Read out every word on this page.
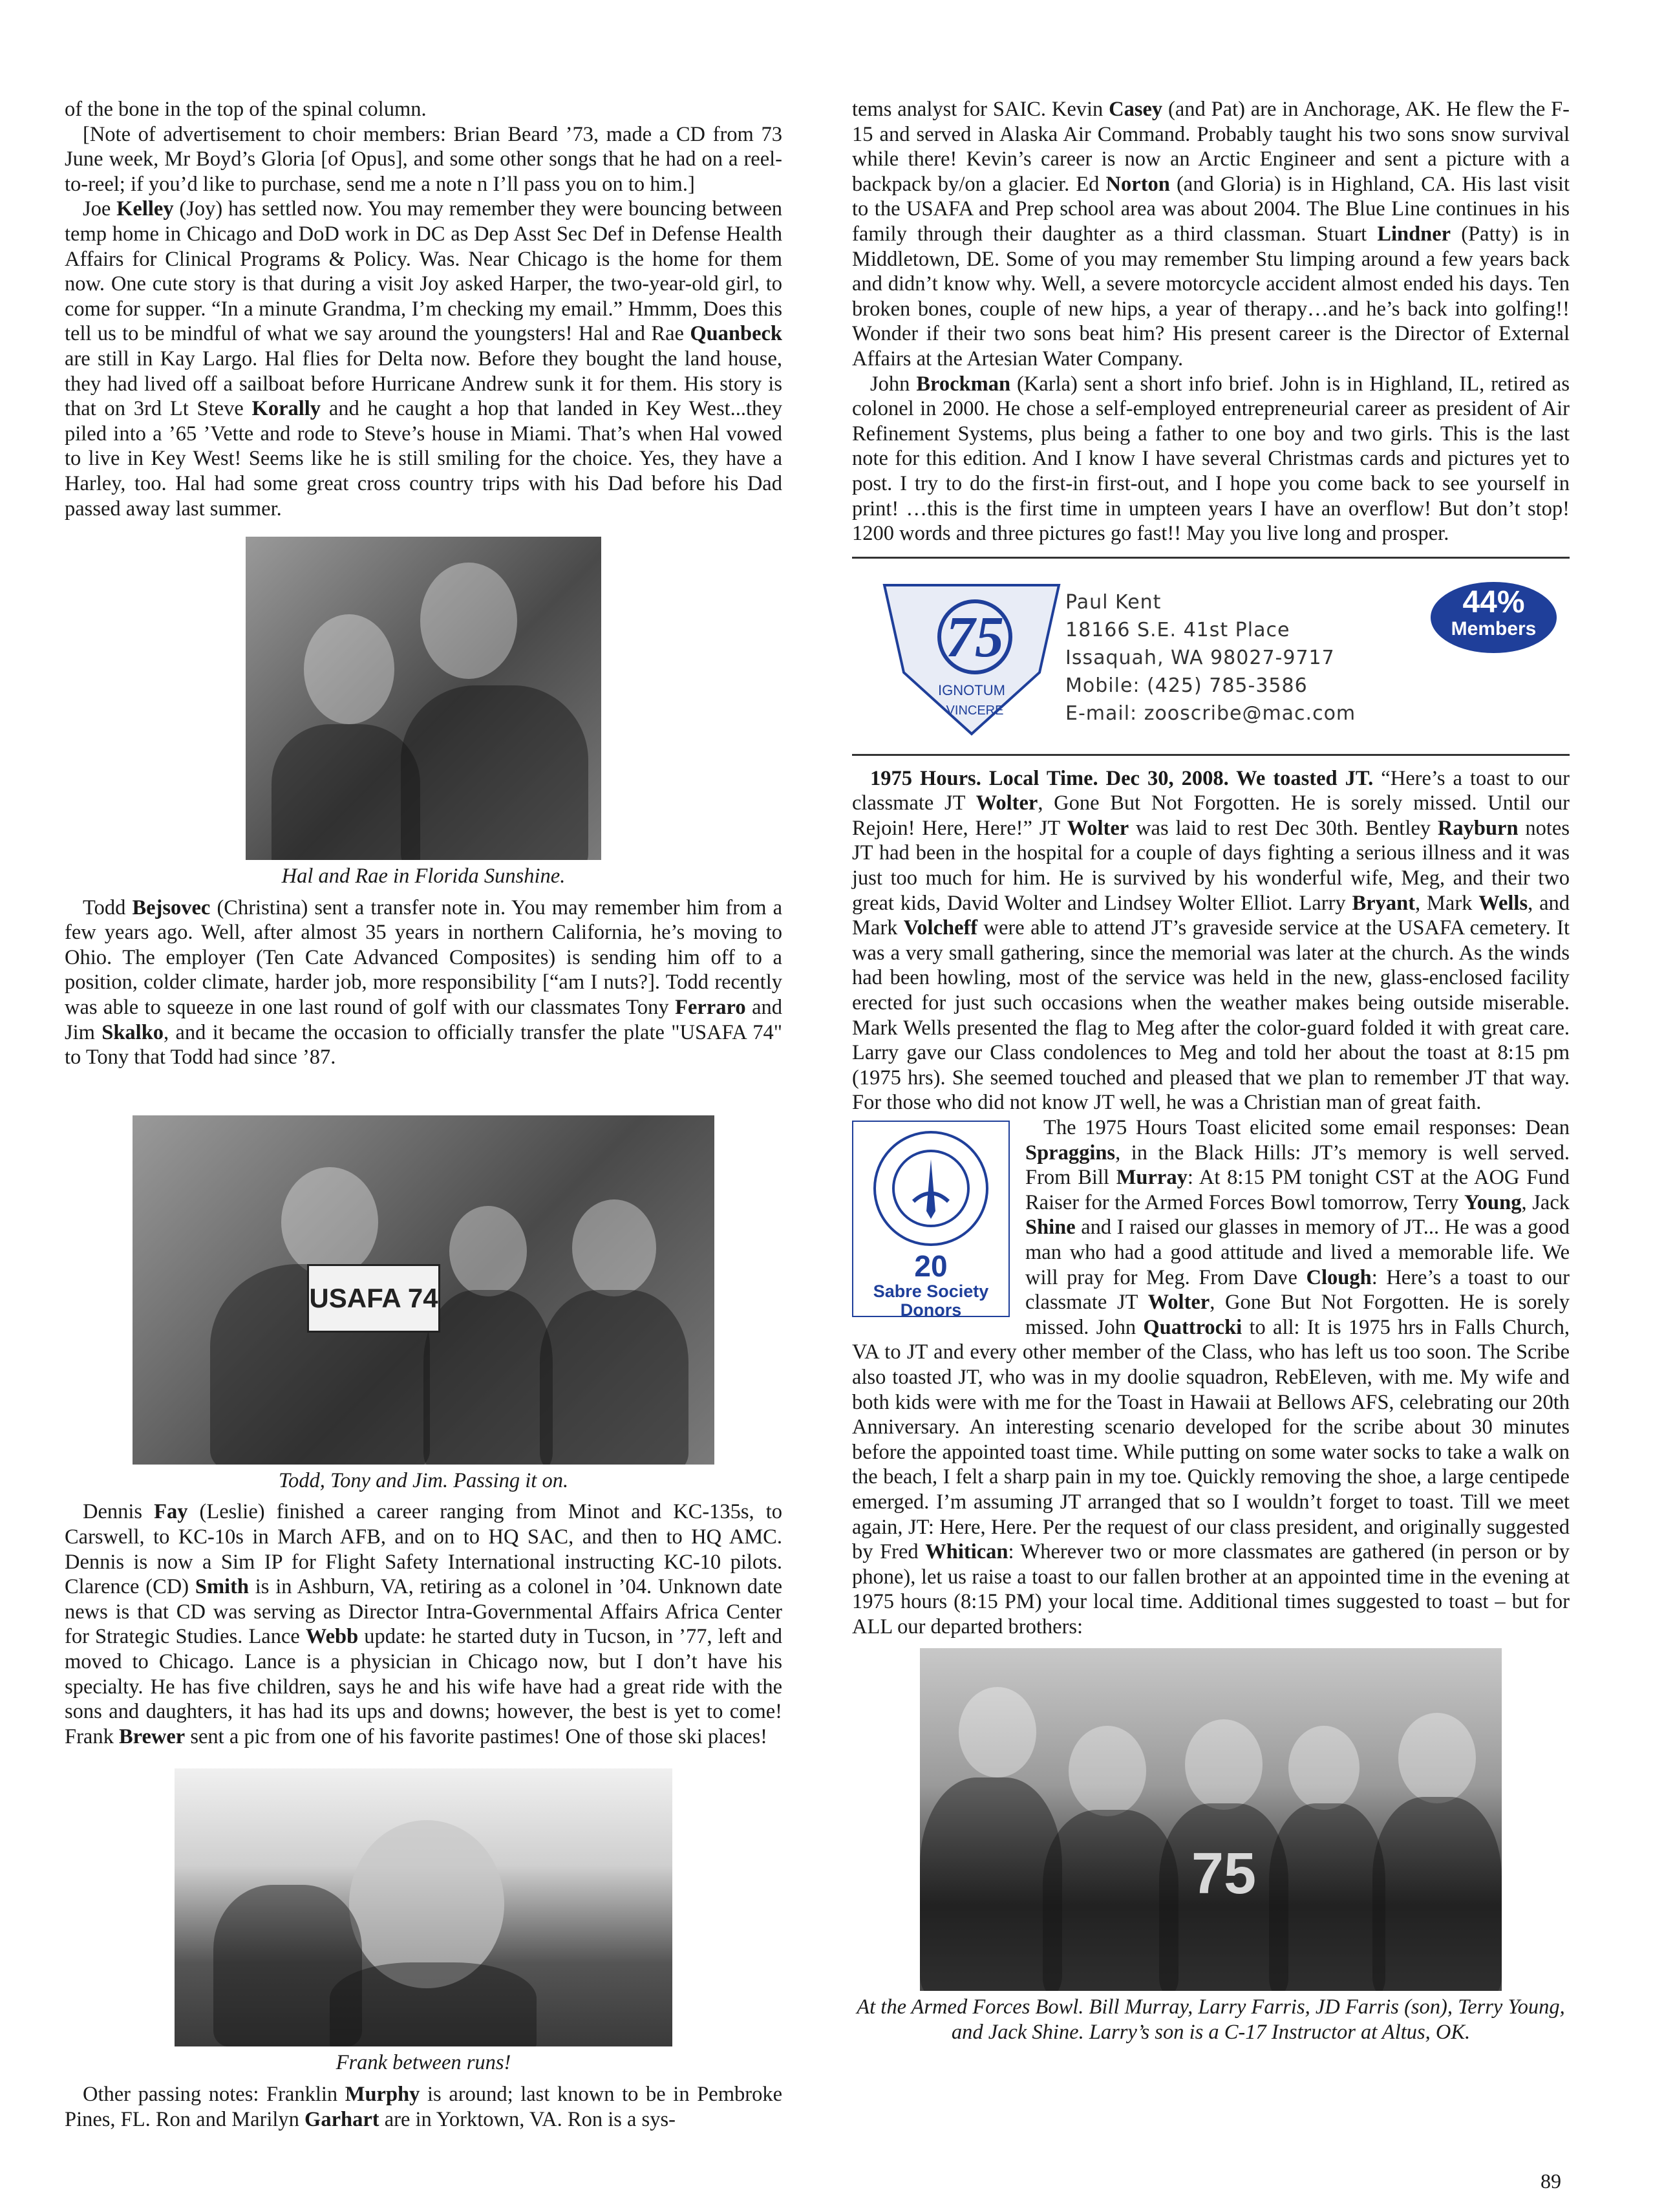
of the bone in the top of the spinal column.

[Note of advertisement to choir members: Brian Beard ’73, made a CD from 73 June week, Mr Boyd’s Gloria [of Opus], and some other songs that he had on a reel-to-reel; if you’d like to purchase, send me a note n I’ll pass you on to him.]

Joe Kelley (Joy) has settled now. You may remember they were bouncing between temp home in Chicago and DoD work in DC as Dep Asst Sec Def in Defense Health Affairs for Clinical Programs & Policy. Was. Near Chicago is the home for them now. One cute story is that during a visit Joy asked Harper, the two-year-old girl, to come for supper. “In a minute Grandma, I’m checking my email.” Hmmm, Does this tell us to be mindful of what we say around the youngsters! Hal and Rae Quanbeck are still in Kay Largo. Hal flies for Delta now. Before they bought the land house, they had lived off a sailboat before Hurricane Andrew sunk it for them. His story is that on 3rd Lt Steve Korally and he caught a hop that landed in Key West...they piled into a ’65 ’Vette and rode to Steve’s house in Miami. That’s when Hal vowed to live in Key West! Seems like he is still smiling for the choice. Yes, they have a Harley, too. Hal had some great cross country trips with his Dad before his Dad passed away last summer.

Hal and Rae in Florida Sunshine.

Todd Bejsovec (Christina) sent a transfer note in. You may remember him from a few years ago. Well, after almost 35 years in northern California, he’s moving to Ohio. The employer (Ten Cate Advanced Composites) is sending him off to a position, colder climate, harder job, more responsibility [“am I nuts?]. Todd recently was able to squeeze in one last round of golf with our classmates Tony Ferraro and Jim Skalko, and it became the occasion to officially transfer the plate "USAFA 74" to Tony that Todd had since ’87.

USAFA 74
Todd, Tony and Jim. Passing it on.

Dennis Fay (Leslie) finished a career ranging from Minot and KC-135s, to Carswell, to KC-10s in March AFB, and on to HQ SAC, and then to HQ AMC. Dennis is now a Sim IP for Flight Safety International instructing KC-10 pilots. Clarence (CD) Smith is in Ashburn, VA, retiring as a colonel in ’04. Unknown date news is that CD was serving as Director Intra-Governmental Affairs Africa Center for Strategic Studies. Lance Webb update: he started duty in Tucson, in ’77, left and moved to Chicago. Lance is a physician in Chicago now, but I don’t have his specialty. He has five children, says he and his wife have had a great ride with the sons and daughters, it has had its ups and downs; however, the best is yet to come! Frank Brewer sent a pic from one of his favorite pastimes! One of those ski places!

Frank between runs!

Other passing notes: Franklin Murphy is around; last known to be in Pembroke Pines, FL. Ron and Marilyn Garhart are in Yorktown, VA. Ron is a sys-

tems analyst for SAIC. Kevin Casey (and Pat) are in Anchorage, AK. He flew the F-15 and served in Alaska Air Command. Probably taught his two sons snow survival while there! Kevin’s career is now an Arctic Engineer and sent a picture with a backpack by/on a glacier. Ed Norton (and Gloria) is in Highland, CA. His last visit to the USAFA and Prep school area was about 2004. The Blue Line continues in his family through their daughter as a third classman. Stuart Lindner (Patty) is in Middletown, DE. Some of you may remember Stu limping around a few years back and didn’t know why. Well, a severe motorcycle accident almost ended his days. Ten broken bones, couple of new hips, a year of therapy…and he’s back into golfing!! Wonder if their two sons beat him? His present career is the Director of External Affairs at the Artesian Water Company.

John Brockman (Karla) sent a short info brief. John is in Highland, IL, retired as colonel in 2000. He chose a self-employed entrepreneurial career as president of Air Refinement Systems, plus being a father to one boy and two girls. This is the last note for this edition. And I know I have several Christmas cards and pictures yet to post. I try to do the first-in first-out, and I hope you come back to see yourself in print! …this is the first time in umpteen years I have an overflow! But don’t stop! 1200 words and three pictures go fast!! May you live long and prosper.

75
IGNOTUM
VINCERE
Paul Kent
18166 S.E. 41st Place
Issaquah, WA 98027-9717
Mobile: (425) 785-3586
E-mail: zooscribe@mac.com
44%
Members

1975 Hours. Local Time. Dec 30, 2008. We toasted JT. “Here’s a toast to our classmate JT Wolter, Gone But Not Forgotten. He is sorely missed. Until our Rejoin! Here, Here!” JT Wolter was laid to rest Dec 30th. Bentley Rayburn notes JT had been in the hospital for a couple of days fighting a serious illness and it was just too much for him. He is survived by his wonderful wife, Meg, and their two great kids, David Wolter and Lindsey Wolter Elliot. Larry Bryant, Mark Wells, and Mark Volcheff were able to attend JT’s graveside service at the USAFA cemetery. It was a very small gathering, since the memorial was later at the church. As the winds had been howling, most of the service was held in the new, glass-enclosed facility erected for just such occasions when the weather makes being outside miserable. Mark Wells presented the flag to Meg after the color-guard folded it with great care. Larry gave our Class condolences to Meg and told her about the toast at 8:15 pm (1975 hrs). She seemed touched and pleased that we plan to remember JT that way. For those who did not know JT well, he was a Christian man of great faith.

20
Sabre Society
Donors

The 1975 Hours Toast elicited some email responses: Dean Spraggins, in the Black Hills: JT’s memory is well served. From Bill Murray: At 8:15 PM tonight CST at the AOG Fund Raiser for the Armed Forces Bowl tomorrow, Terry Young, Jack Shine and I raised our glasses in memory of JT... He was a good man who had a good attitude and lived a memorable life. We will pray for Meg. From Dave Clough: Here’s a toast to our classmate JT Wolter, Gone But Not Forgotten. He is sorely missed. John Quattrocki to all: It is 1975 hrs in Falls Church, VA to JT and every other member of the Class, who has left us too soon. The Scribe also toasted JT, who was in my doolie squadron, RebEleven, with me. My wife and both kids were with me for the Toast in Hawaii at Bellows AFS, celebrating our 20th Anniversary. An interesting scenario developed for the scribe about 30 minutes before the appointed toast time. While putting on some water socks to take a walk on the beach, I felt a sharp pain in my toe. Quickly removing the shoe, a large centipede emerged. I’m assuming JT arranged that so I wouldn’t forget to toast. Till we meet again, JT: Here, Here. Per the request of our class president, and originally suggested by Fred Whitican: Wherever two or more classmates are gathered (in person or by phone), let us raise a toast to our fallen brother at an appointed time in the evening at 1975 hours (8:15 PM) your local time. Additional times suggested to toast – but for ALL our departed brothers:

75
At the Armed Forces Bowl. Bill Murray, Larry Farris, JD Farris (son), Terry Young, and Jack Shine. Larry’s son is a C-17 Instructor at Altus, OK.
89
